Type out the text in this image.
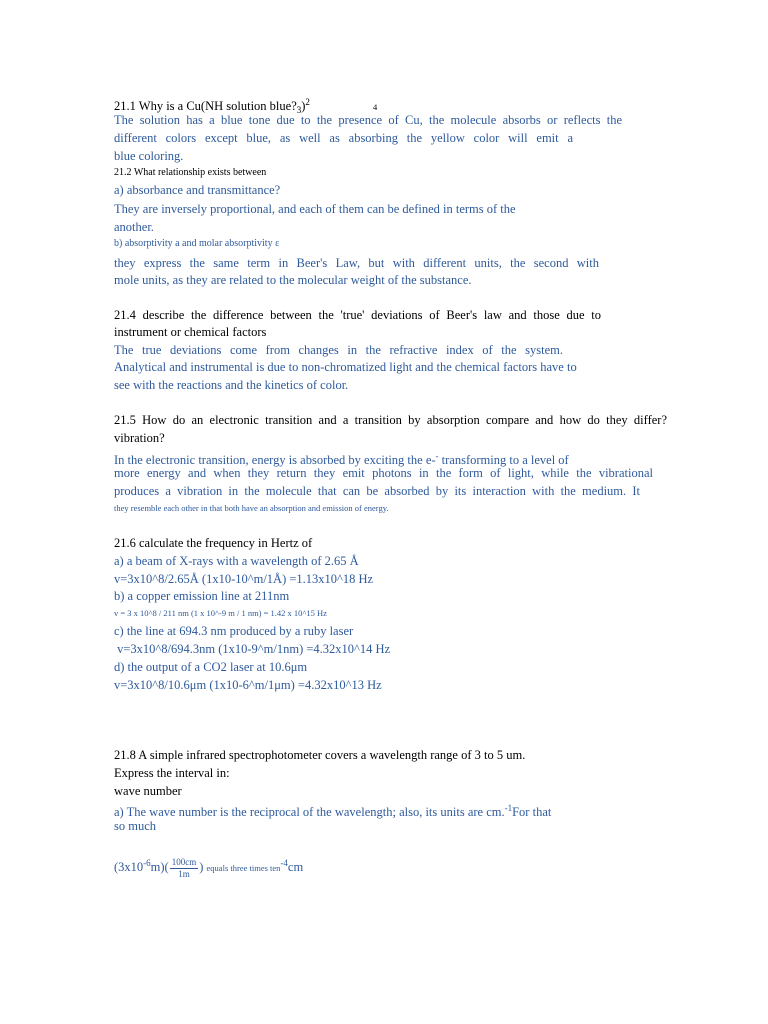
21.1 Why is a Cu(NH solution $blue?_3)^2$	4
The solution has a blue tone due to the presence of Cu, the molecule absorbs or reflects the
different colors except blue, as well as absorbing the yellow color will emit a
blue coloring.
21.2 What relationship exists between
a) absorbance and transmittance?
They are inversely proportional, and each of them can be defined in terms of the
another.
b) absorptivity a and molar absorptivity ε
they express the same term in Beer's Law, but with different units, the second with
mole units, as they are related to the molecular weight of the substance.
21.4 describe the difference between the 'true' deviations of Beer's law and those due to
instrument or chemical factors
The true deviations come from changes in the refractive index of the system.
Analytical and instrumental is due to non-chromatized light and the chemical factors have to
see with the reactions and the kinetics of color.
21.5 How do an electronic transition and a transition by absorption compare and how do they differ?
vibration?
In the electronic transition, energy is absorbed by exciting the e-- transforming to a level of
more energy and when they return they emit photons in the form of light, while the vibrational
produces a vibration in the molecule that can be absorbed by its interaction with the medium. It
they resemble each other in that both have an absorption and emission of energy.
21.6 calculate the frequency in Hertz of
a) a beam of X-rays with a wavelength of 2.65 Å
v=3x10^8/2.65Å (1x10-10^m/1Å) =1.13x10^18 Hz
b) a copper emission line at 211nm
v = 3 x 10^8 / 211 nm (1 x 10^-9 m / 1 nm) = 1.42 x 10^15 Hz
c) the line at 694.3 nm produced by a ruby laser
v=3x10^8/694.3nm (1x10-9^m/1nm) =4.32x10^14 Hz
d) the output of a CO2 laser at 10.6μm
v=3x10^8/10.6μm (1x10-6^m/1μm) =4.32x10^13 Hz
21.8 A simple infrared spectrophotometer covers a wavelength range of 3 to 5 um.
Express the interval in:
wave number
a) The wave number is the reciprocal of the wavelength; also, its units are cm.$^{-1}$For that
so much
$(3x10^{-6}m)( \frac{100cm}{1m}$ ) equals three times ten$^{-4}$cm
